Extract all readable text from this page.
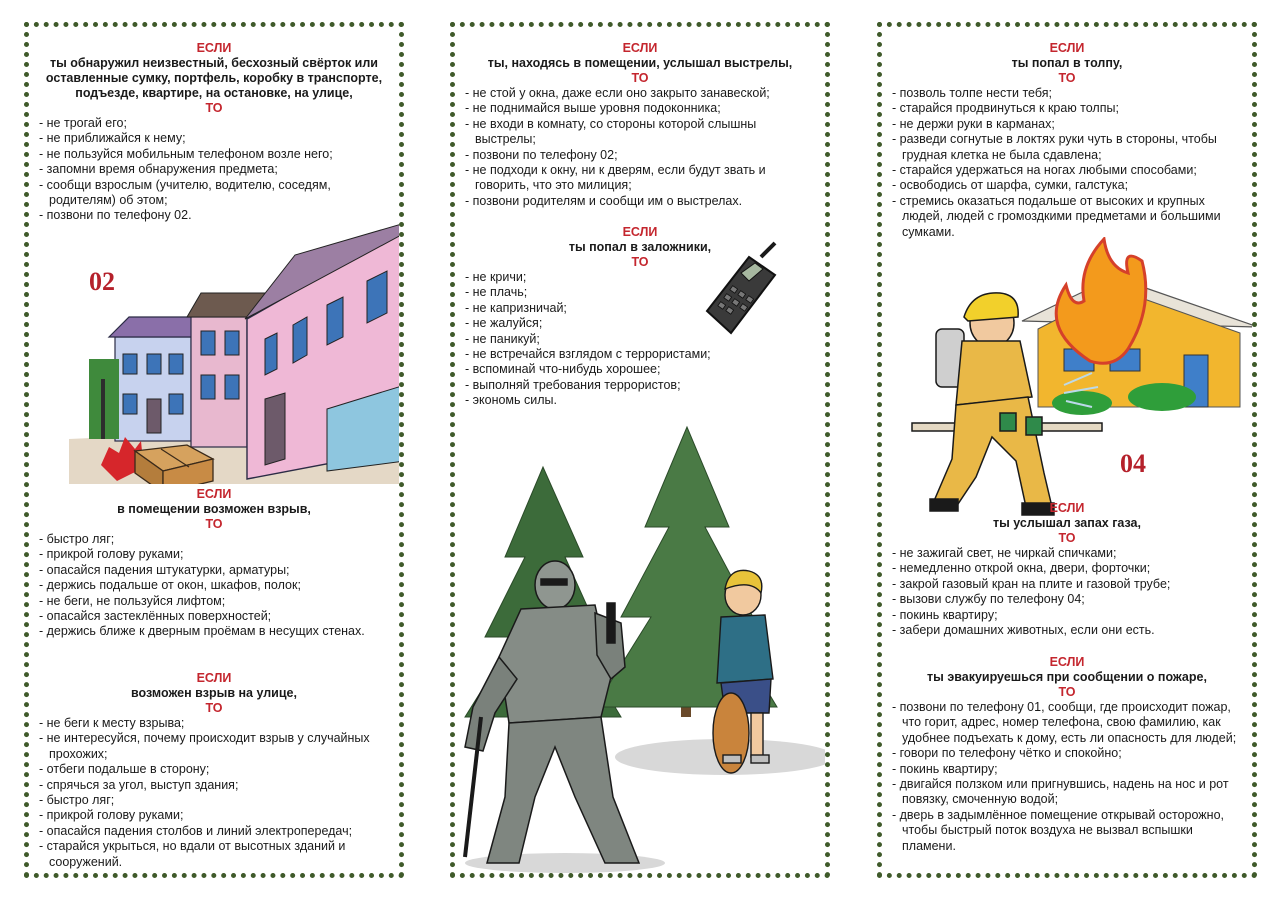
ЕСЛИ
ты обнаружил неизвестный, бесхозный свёрток или оставленные сумку, портфель, коробку в транспорте, подъезде, квартире, на остановке, на улице,
ТО
- не трогай его;
- не приближайся к нему;
- не пользуйся мобильным телефоном возле него;
- запомни время обнаружения предмета;
- сообщи взрослым (учителю, водителю, соседям, родителям) об этом;
- позвони по телефону 02.
02
ЕСЛИ
в помещении возможен взрыв,
ТО
- быстро ляг;
- прикрой голову руками;
- опасайся падения штукатурки, арматуры;
- держись подальше от окон, шкафов, полок;
- не беги, не пользуйся лифтом;
- опасайся застеклённых поверхностей;
- держись ближе к дверным проёмам в несущих стенах.
ЕСЛИ
возможен взрыв на улице,
ТО
- не беги к месту взрыва;
- не интересуйся, почему происходит взрыв у случайных прохожих;
- отбеги подальше в сторону;
- спрячься за угол, выступ здания;
- быстро ляг;
- прикрой голову руками;
- опасайся падения столбов и линий электропередач;
- старайся укрыться, но вдали от высотных зданий и сооружений.
ЕСЛИ
ты, находясь в помещении, услышал выстрелы,
ТО
- не стой у окна, даже если оно закрыто занавеской;
- не поднимайся выше уровня подоконника;
- не входи в комнату, со стороны которой слышны выстрелы;
- позвони по телефону 02;
- не подходи к окну, ни к дверям, если будут звать и говорить, что это милиция;
- позвони родителям и сообщи им о выстрелах.
ЕСЛИ
ты попал в заложники,
ТО
- не кричи;
- не плачь;
- не капризничай;
- не жалуйся;
- не паникуй;
- не встречайся взглядом с террористами;
- вспоминай что-нибудь хорошее;
- выполняй требования террористов;
- экономь силы.
ЕСЛИ
ты попал в толпу,
ТО
- позволь толпе нести тебя;
- старайся продвинуться к краю толпы;
- не держи руки в карманах;
- разведи согнутые в локтях руки чуть в стороны, чтобы грудная клетка не была сдавлена;
- старайся удержаться на ногах любыми способами;
- освободись от шарфа, сумки, галстука;
- стремись оказаться подальше от высоких и крупных людей, людей с громоздкими предметами и большими сумками.
04
ЕСЛИ
ты услышал запах газа,
ТО
- не зажигай свет, не чиркай спичками;
- немедленно открой окна, двери, форточки;
- закрой газовый кран на плите и газовой трубе;
- вызови службу по телефону 04;
- покинь квартиру;
- забери домашних животных, если они есть.
ЕСЛИ
ты эвакуируешься при сообщении о пожаре,
ТО
- позвони по телефону 01, сообщи, где происходит пожар, что горит, адрес, номер телефона, свою фамилию, как удобнее подъехать к дому, есть ли опасность для людей;
- говори по телефону чётко и спокойно;
- покинь квартиру;
- двигайся ползком или пригнувшись, надень на нос и рот повязку, смоченную водой;
- дверь в задымлённое помещение открывай осторожно, чтобы быстрый поток воздуха не вызвал вспышки пламени.
